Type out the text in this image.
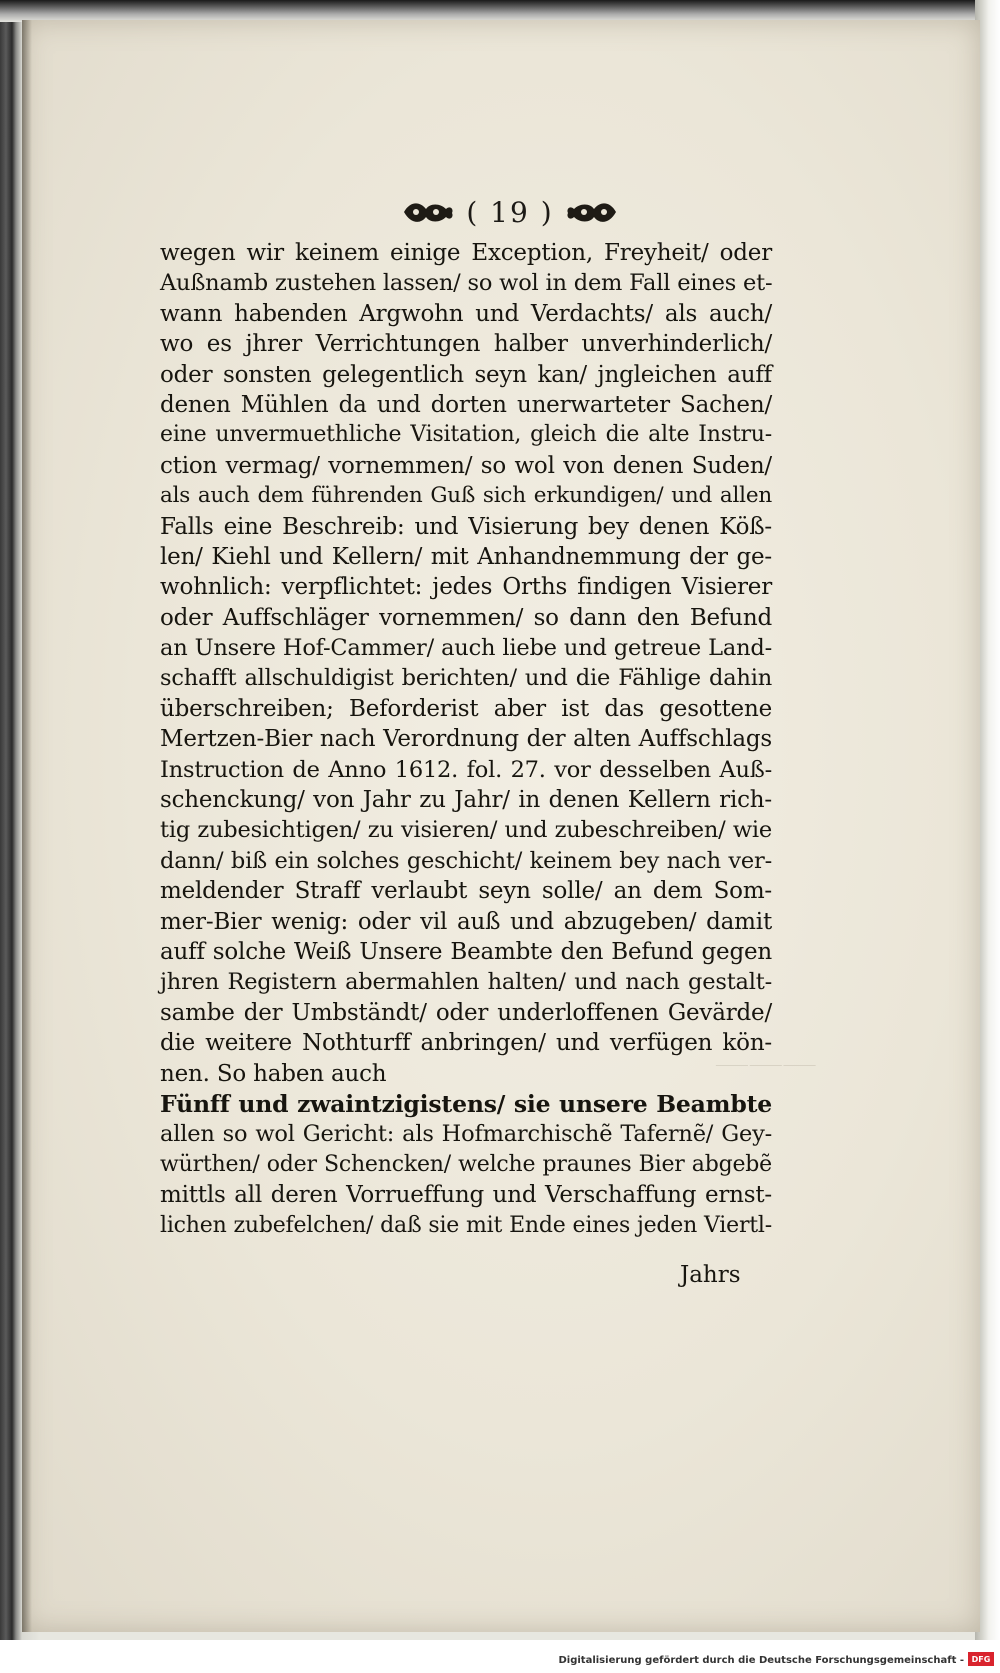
( 19 )
⸺⸺⸺
wegen wir keinem einige Exception, Freyheit/ oder
Außnamb zustehen lassen/ so wol in dem Fall eines et-
wann habenden Argwohn und Verdachts/ als auch/
wo es jhrer Verrichtungen halber unverhinderlich/
oder sonsten gelegentlich seyn kan/ jngleichen auff
denen Mühlen da und dorten unerwarteter Sachen/
eine unvermuethliche Visitation, gleich die alte Instru-
ction vermag/ vornemmen/ so wol von denen Suden/
als auch dem führenden Guß sich erkundigen/ und allen
Falls eine Beschreib: und Visierung bey denen Köß-
len/ Kiehl und Kellern/ mit Anhandnemmung der ge-
wohnlich: verpflichtet: jedes Orths findigen Visierer
oder Auffschläger vornemmen/ so dann den Befund
an Unsere Hof-Cammer/ auch liebe und getreue Land-
schafft allschuldigist berichten/ und die Fählige dahin
überschreiben; Beforderist aber ist das gesottene
Mertzen-Bier nach Verordnung der alten Auffschlags
Instruction de Anno 1612. fol. 27. vor desselben Auß-
schenckung/ von Jahr zu Jahr/ in denen Kellern rich-
tig zubesichtigen/ zu visieren/ und zubeschreiben/ wie
dann/ biß ein solches geschicht/ keinem bey nach ver-
meldender Straff verlaubt seyn solle/ an dem Som-
mer-Bier wenig: oder vil auß und abzugeben/ damit
auff solche Weiß Unsere Beambte den Befund gegen
jhren Registern abermahlen halten/ und nach gestalt-
sambe der Umbständt/ oder underloffenen Gevärde/
die weitere Nothturff anbringen/ und verfügen kön-
nen. So haben auch
Fünff und zwaintzigistens/ sie unsere Beambte
allen so wol Gericht: als Hofmarchischẽ Tafernẽ/ Gey-
würthen/ oder Schencken/ welche praunes Bier abgebẽ
mittls all deren Vorrueffung und Verschaffung ernst-
lichen zubefelchen/ daß sie mit Ende eines jeden Viertl-
Jahrs
Digitalisierung gefördert durch die Deutsche Forschungsgemeinschaft - DFG
